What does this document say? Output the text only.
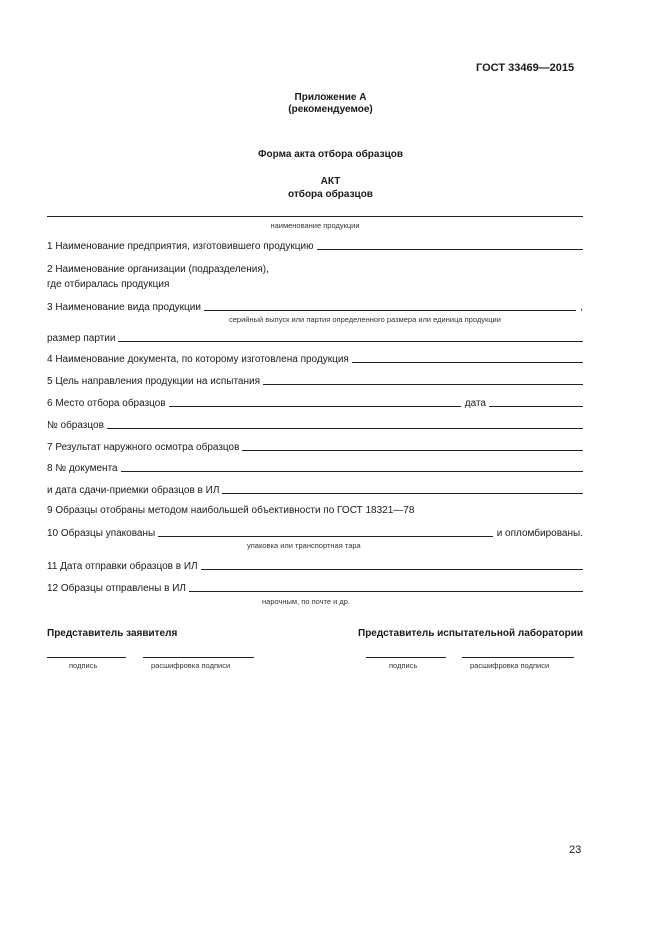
ГОСТ 33469—2015
Приложение А
(рекомендуемое)
Форма акта отбора образцов
АКТ
отбора образцов
наименование продукции
1 Наименование предприятия, изготовившего продукцию
2 Наименование организации (подразделения),
где отбиралась продукция
3 Наименование вида продукции	,
серийный выпуск или партия определенного размера или единица продукции
размер партии
4 Наименование документа, по которому изготовлена продукция
5 Цель направления продукции на испытания
6 Место отбора образцов	дата
№ образцов
7 Результат наружного осмотра образцов
8 № документа
и дата сдачи-приемки образцов в ИЛ
9 Образцы отобраны методом наибольшей объективности по ГОСТ 18321—78
10 Образцы упакованы	и опломбированы.
упаковка или транспортная тара
11 Дата отправки образцов в ИЛ
12 Образцы отправлены в ИЛ
нарочным, по почте и др.
Представитель заявителя	Представитель испытательной лаборатории
подпись	расшифровка подписи	подпись	расшифровка подписи
23
